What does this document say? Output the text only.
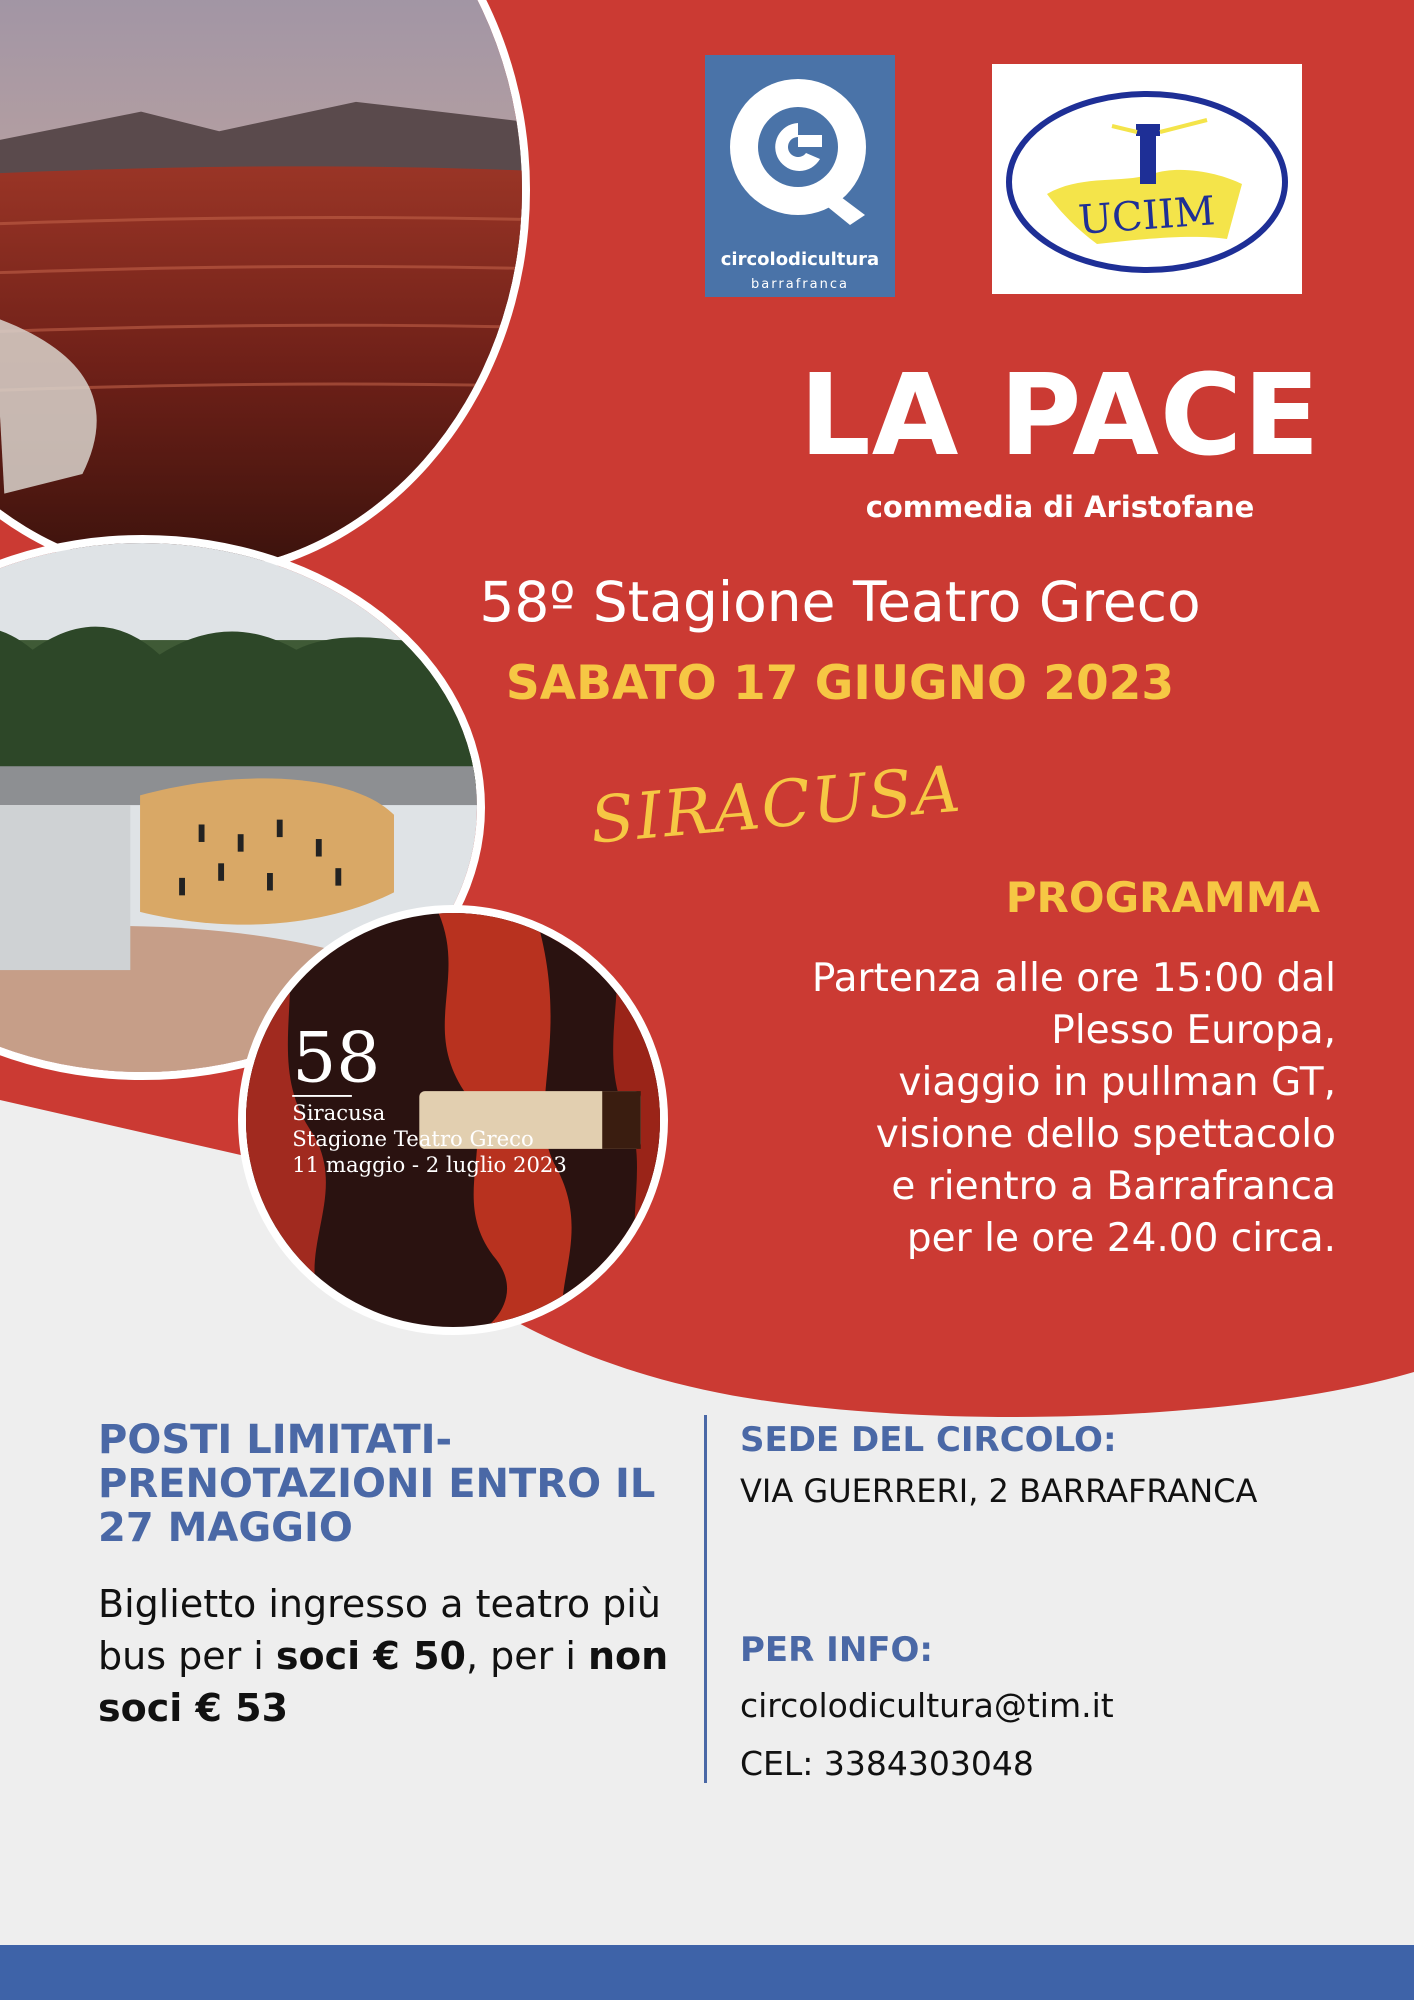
58
Siracusa
Stagione Teatro Greco
11 maggio - 2 luglio 2023
circolodicultura
barrafranca
UCIIM
LA PACE
commedia di Aristofane
58º Stagione Teatro Greco
SABATO 17 GIUGNO 2023
SIRACUSA
PROGRAMMA
Partenza alle ore 15:00 dal
Plesso Europa,
viaggio in pullman GT,
visione dello spettacolo
e rientro a Barrafranca
per le ore 24.00 circa.
POSTI LIMITATI- PRENOTAZIONI ENTRO IL 27 MAGGIO
Biglietto ingresso a teatro più bus per i soci € 50, per i non soci € 53
SEDE DEL CIRCOLO:
VIA GUERRERI, 2 BARRAFRANCA
PER INFO:
circolodicultura@tim.it
CEL: 3384303048
